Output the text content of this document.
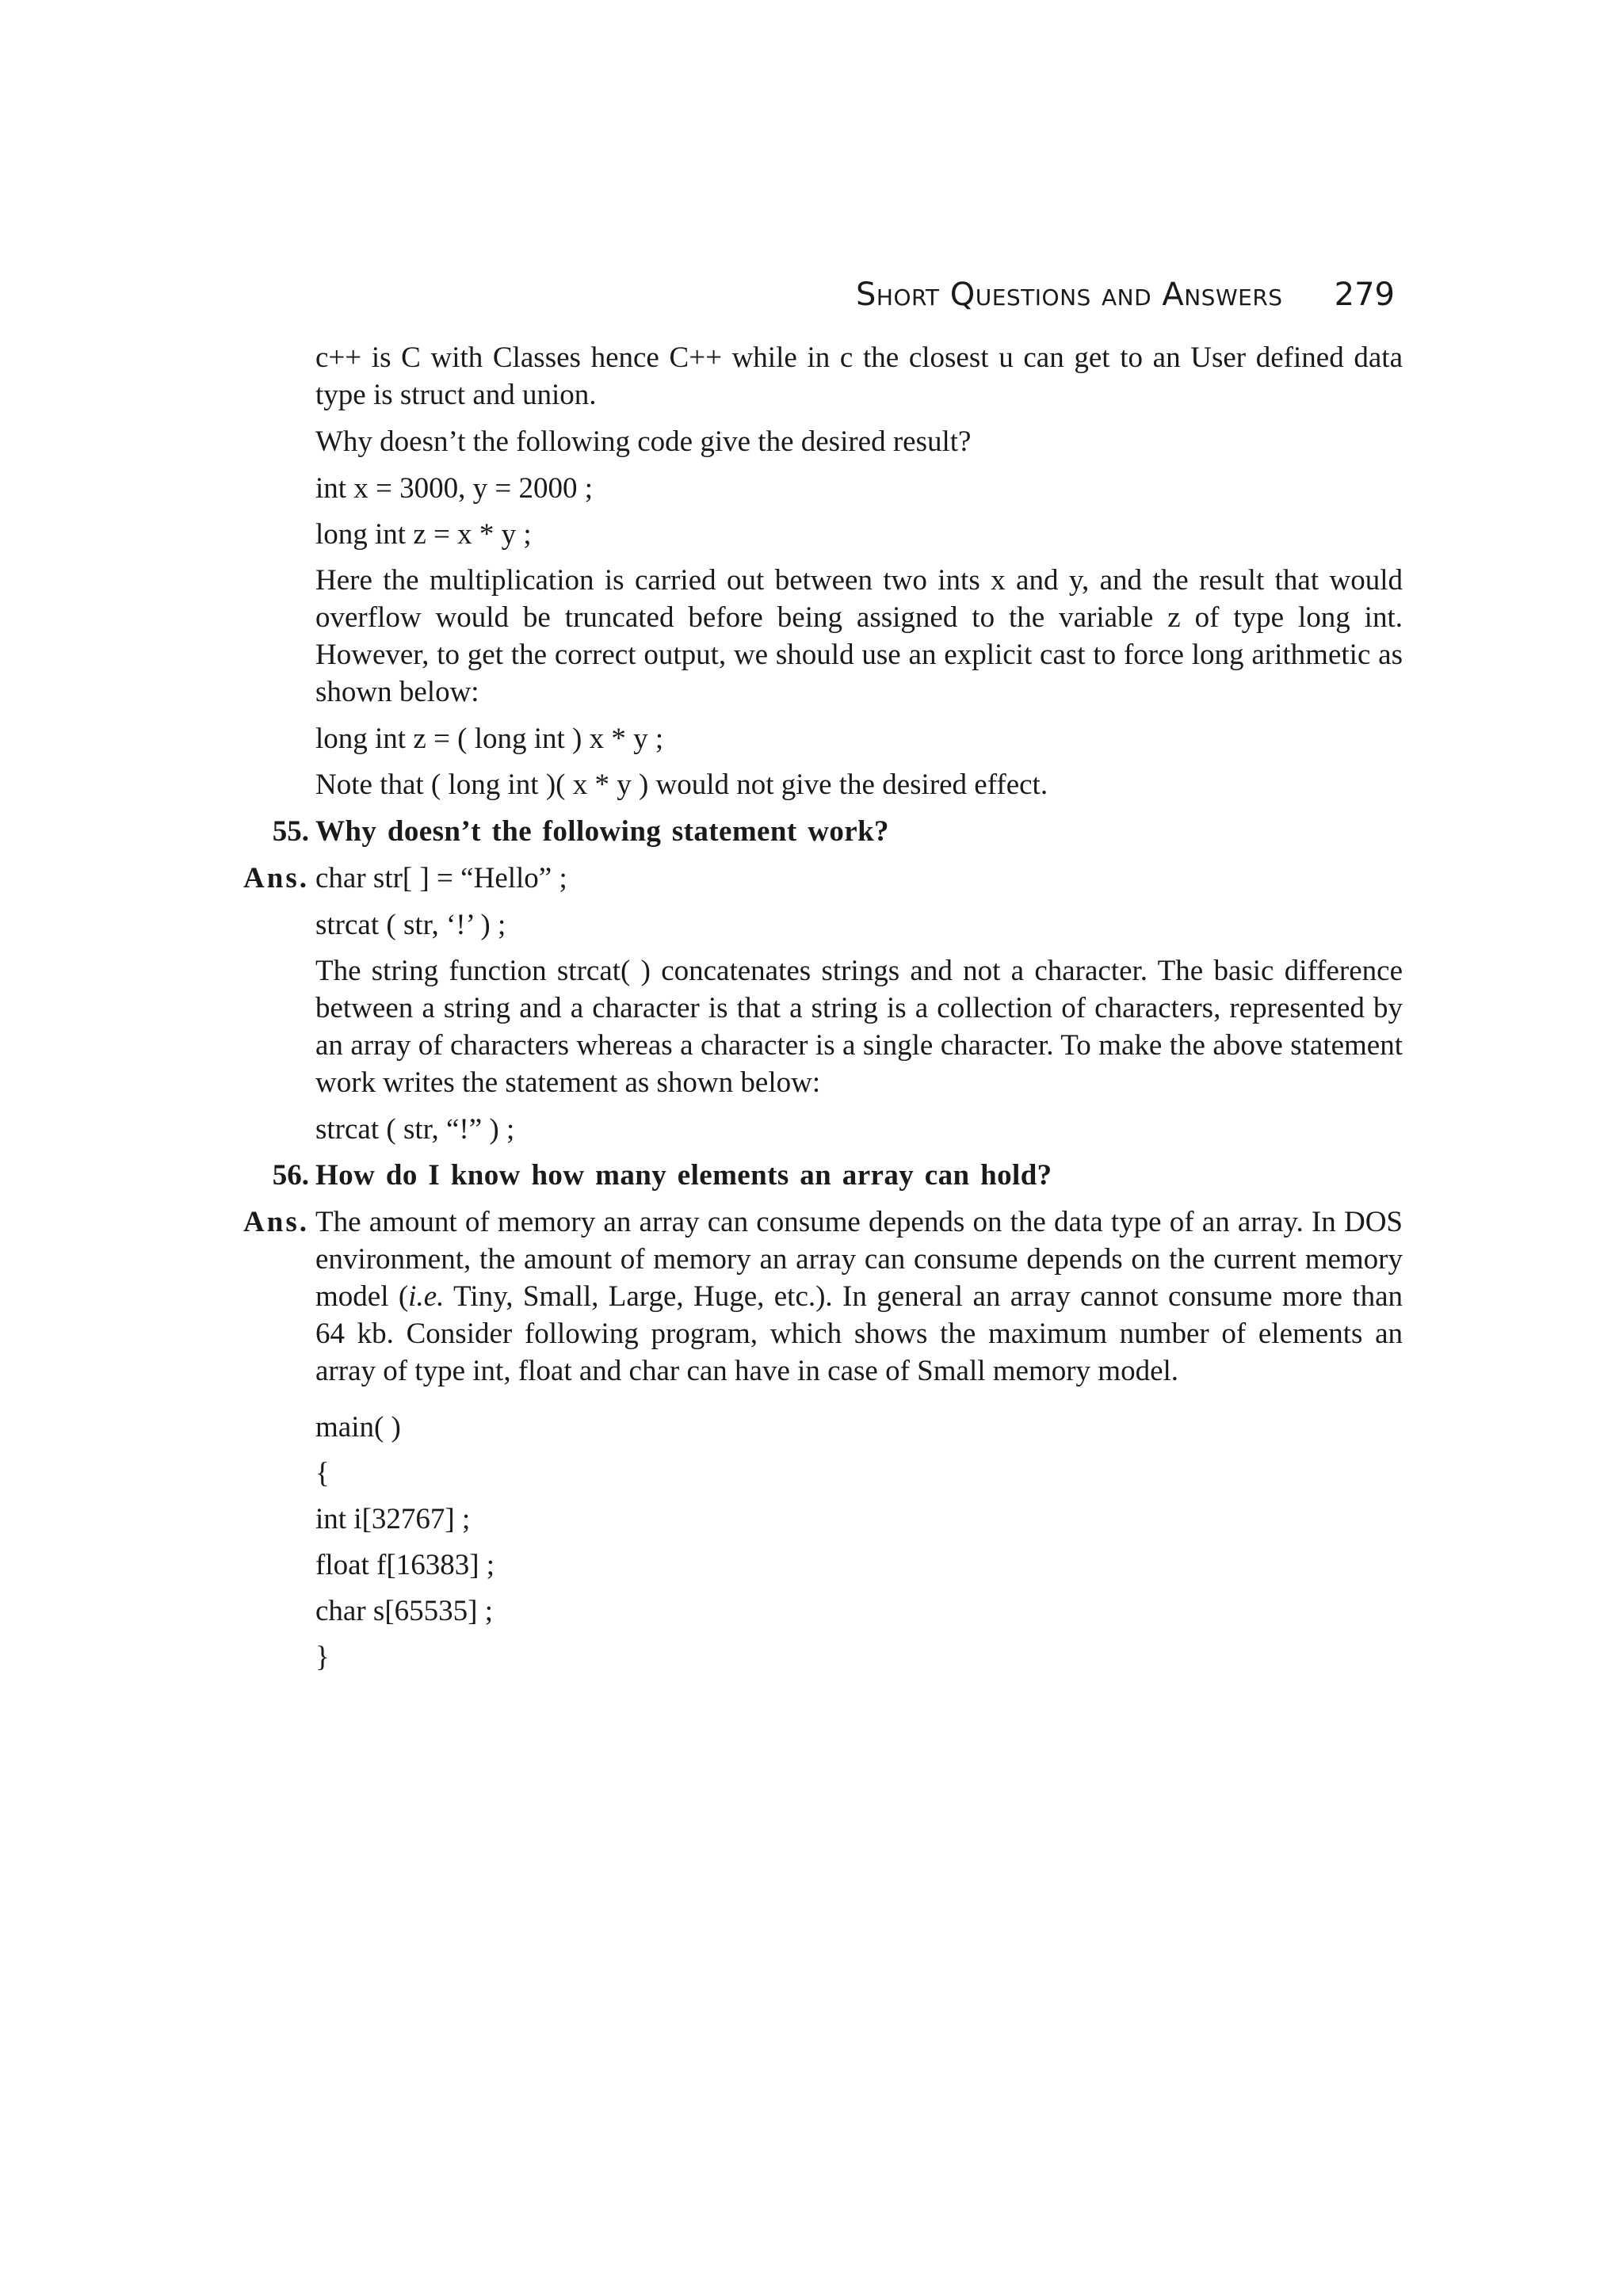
Short Questions and Answers 279

c++ is C with Classes hence C++ while in c the closest u can get to an User defined data type is struct and union.

Why doesn’t the following code give the desired result?

int x = 3000, y = 2000 ;
long int z = x * y ;

Here the multiplication is carried out between two ints x and y, and the result that would overflow would be truncated before being assigned to the variable z of type long int. However, to get the correct output, we should use an explicit cast to force long arithmetic as shown below:

long int z = ( long int ) x * y ;

Note that ( long int )( x * y ) would not give the desired effect.

55. Why doesn’t the following statement work?
Ans. char str[ ] = “Hello” ;
strcat ( str, ‘!’ ) ;

The string function strcat( ) concatenates strings and not a character. The basic difference between a string and a character is that a string is a collection of characters, represented by an array of characters whereas a character is a single character. To make the above statement work writes the statement as shown below:

strcat ( str, “!” ) ;
56. How do I know how many elements an array can hold?
Ans. The amount of memory an array can consume depends on the data type of an array. In DOS environment, the amount of memory an array can consume depends on the current memory model (i.e. Tiny, Small, Large, Huge, etc.). In general an array cannot consume more than 64 kb. Consider following program, which shows the maximum number of elements an array of type int, float and char can have in case of Small memory model.

main( )
{
int i[32767] ;
float f[16383] ;
char s[65535] ;
}
